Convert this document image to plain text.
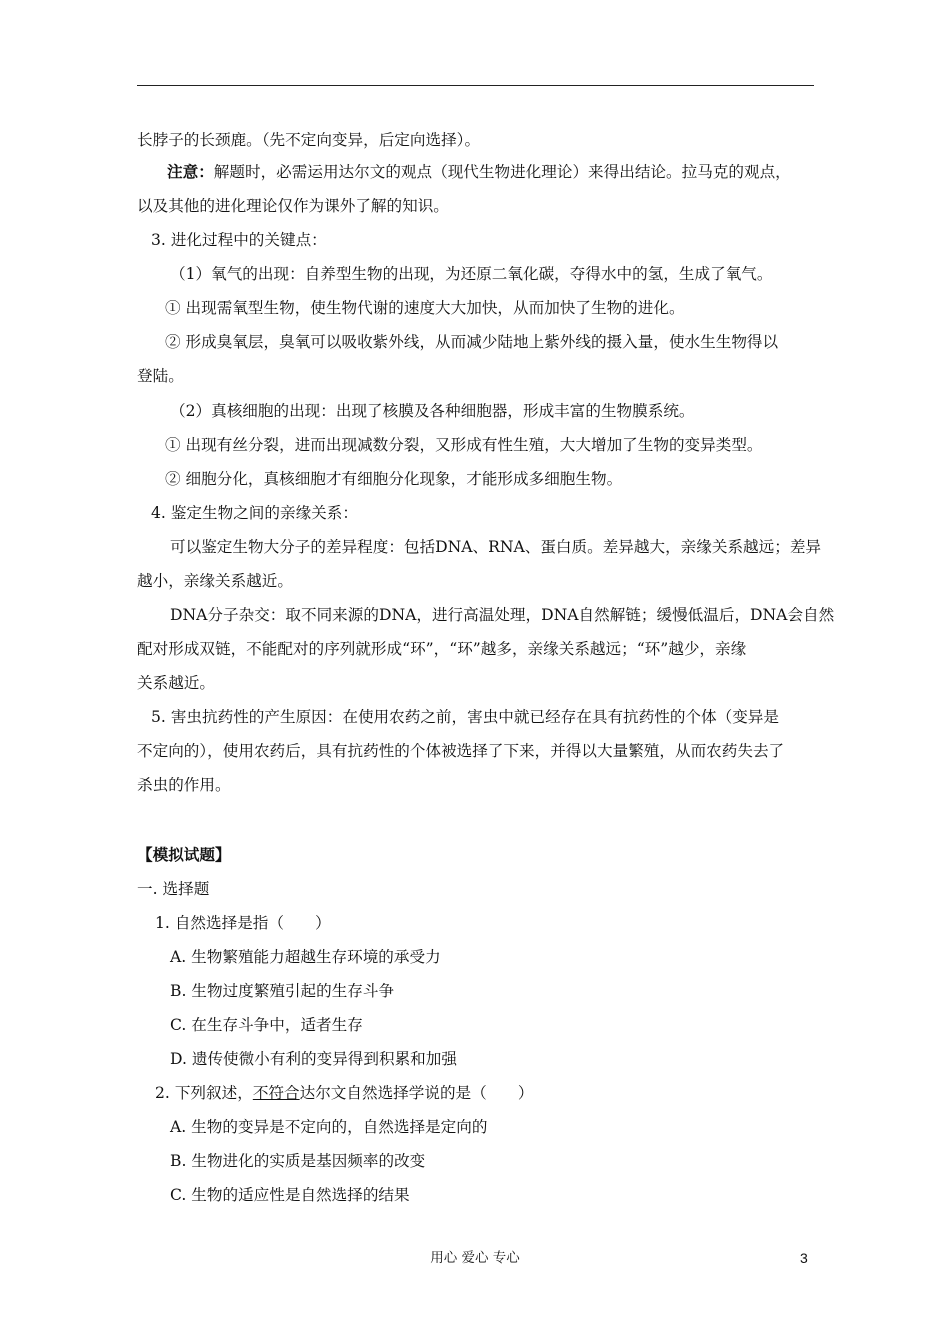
长脖子的长颈鹿。（先不定向变异，后定向选择）。
注意：解题时，必需运用达尔文的观点（现代生物进化理论）来得出结论。拉马克的观点，
以及其他的进化理论仅作为课外了解的知识。
3. 进化过程中的关键点：
（1）氧气的出现：自养型生物的出现，为还原二氧化碳，夺得水中的氢，生成了氧气。
① 出现需氧型生物，使生物代谢的速度大大加快，从而加快了生物的进化。
② 形成臭氧层，臭氧可以吸收紫外线，从而减少陆地上紫外线的摄入量，使水生生物得以
登陆。
（2）真核细胞的出现：出现了核膜及各种细胞器，形成丰富的生物膜系统。
① 出现有丝分裂，进而出现减数分裂，又形成有性生殖，大大增加了生物的变异类型。
② 细胞分化，真核细胞才有细胞分化现象，才能形成多细胞生物。
4. 鉴定生物之间的亲缘关系：
可以鉴定生物大分子的差异程度：包括DNA、RNA、蛋白质。差异越大，亲缘关系越远；差异
越小，亲缘关系越近。
DNA分子杂交：取不同来源的DNA，进行高温处理，DNA自然解链；缓慢低温后，DNA会自然
配对形成双链，不能配对的序列就形成“环”，“环”越多，亲缘关系越远；“环”越少，亲缘
关系越近。
5. 害虫抗药性的产生原因：在使用农药之前，害虫中就已经存在具有抗药性的个体（变异是
不定向的），使用农药后，具有抗药性的个体被选择了下来，并得以大量繁殖，从而农药失去了
杀虫的作用。
【模拟试题】
一. 选择题
1. 自然选择是指（　　）
A. 生物繁殖能力超越生存环境的承受力
B. 生物过度繁殖引起的生存斗争
C. 在生存斗争中，适者生存
D. 遗传使微小有利的变异得到积累和加强
2. 下列叙述，不符合达尔文自然选择学说的是（　　）
A. 生物的变异是不定向的，自然选择是定向的
B. 生物进化的实质是基因频率的改变
C. 生物的适应性是自然选择的结果
用心 爱心 专心	3
